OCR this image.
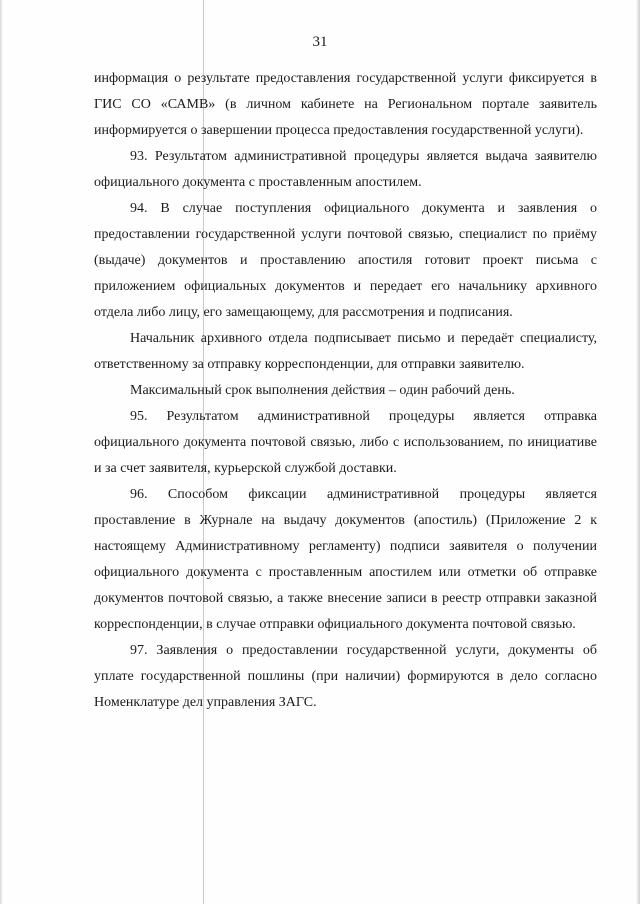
31

информация о результате предоставления государственной услуги фиксируется в ГИС СО «САМВ» (в личном кабинете на Региональном портале заявитель информируется о завершении процесса предоставления государственной услуги).

93. Результатом административной процедуры является выдача заявителю официального документа с проставленным апостилем.

94. В случае поступления официального документа и заявления о предоставлении государственной услуги почтовой связью, специалист по приёму (выдаче) документов и проставлению апостиля готовит проект письма с приложением официальных документов и передает его начальнику архивного отдела либо лицу, его замещающему, для рассмотрения и подписания.

Начальник архивного отдела подписывает письмо и передаёт специалисту, ответственному за отправку корреспонденции, для отправки заявителю.

Максимальный срок выполнения действия – один рабочий день.

95. Результатом административной процедуры является отправка официального документа почтовой связью, либо с использованием, по инициативе и за счет заявителя, курьерской службой доставки.

96. Способом фиксации административной процедуры является проставление в Журнале на выдачу документов (апостиль) (Приложение 2 к настоящему Административному регламенту) подписи заявителя о получении официального документа с проставленным апостилем или отметки об отправке документов почтовой связью, а также внесение записи в реестр отправки заказной корреспонденции, в случае отправки официального документа почтовой связью.

97. Заявления о предоставлении государственной услуги, документы об уплате государственной пошлины (при наличии) формируются в дело согласно Номенклатуре дел управления ЗАГС.
